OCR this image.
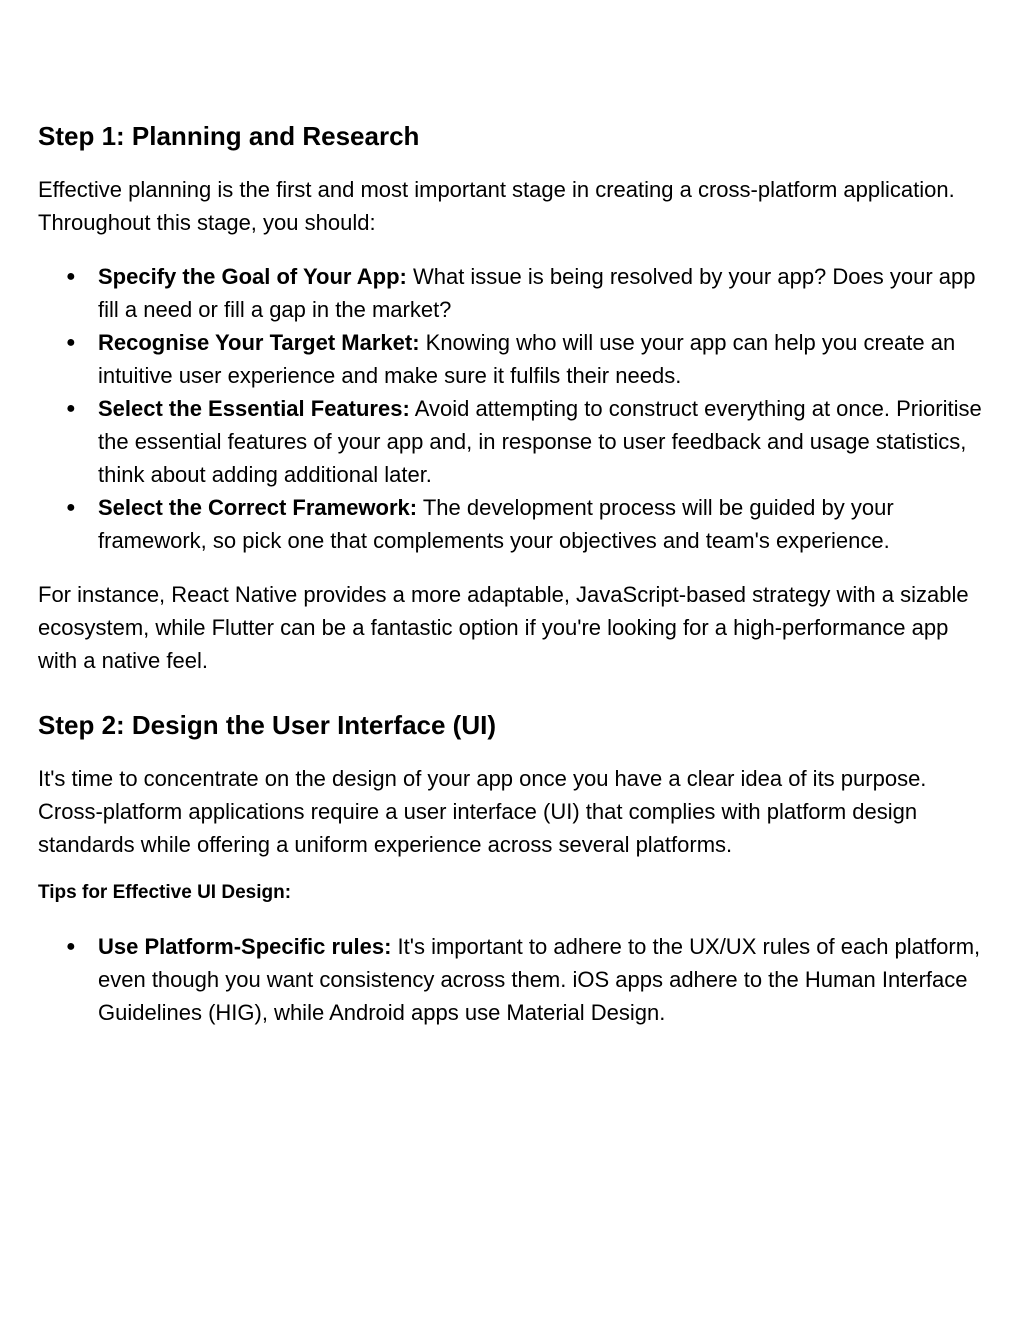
Step 1: Planning and Research

Effective planning is the first and most important stage in creating a cross-platform application. Throughout this stage, you should:

● Specify the Goal of Your App: What issue is being resolved by your app? Does your app fill a need or fill a gap in the market?
● Recognise Your Target Market: Knowing who will use your app can help you create an intuitive user experience and make sure it fulfils their needs.
● Select the Essential Features: Avoid attempting to construct everything at once. Prioritise the essential features of your app and, in response to user feedback and usage statistics, think about adding additional later.
● Select the Correct Framework: The development process will be guided by your framework, so pick one that complements your objectives and team's experience.

For instance, React Native provides a more adaptable, JavaScript-based strategy with a sizable ecosystem, while Flutter can be a fantastic option if you're looking for a high-performance app with a native feel.

Step 2: Design the User Interface (UI)

It's time to concentrate on the design of your app once you have a clear idea of its purpose. Cross-platform applications require a user interface (UI) that complies with platform design standards while offering a uniform experience across several platforms.

Tips for Effective UI Design:
● Use Platform-Specific rules: It's important to adhere to the UX/UX rules of each platform, even though you want consistency across them. iOS apps adhere to the Human Interface Guidelines (HIG), while Android apps use Material Design.
